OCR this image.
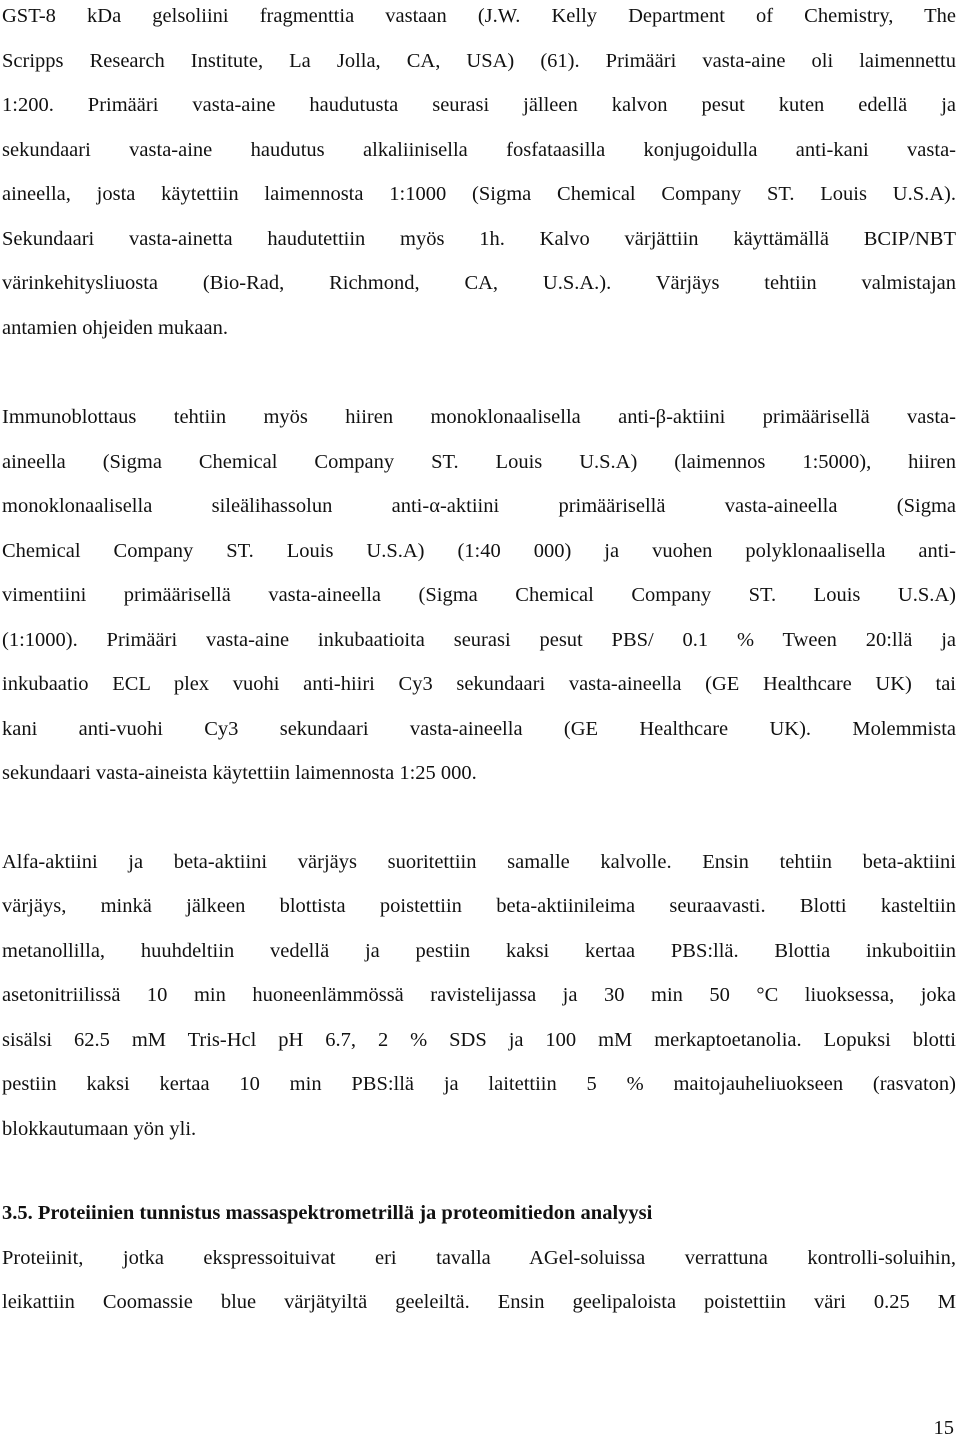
GST-8 kDa gelsoliini fragmenttia vastaan (J.W. Kelly Department of Chemistry, The
Scripps Research Institute, La Jolla, CA, USA) (61). Primääri vasta-aine oli laimennettu
1:200. Primääri vasta-aine haudutusta seurasi jälleen kalvon pesut kuten edellä ja
sekundaari vasta-aine haudutus alkaliinisella fosfataasilla konjugoidulla anti-kani vasta-
aineella, josta käytettiin laimennosta 1:1000 (Sigma Chemical Company ST. Louis U.S.A).
Sekundaari vasta-ainetta haudutettiin myös 1h. Kalvo värjättiin käyttämällä BCIP/NBT
värinkehitysliuosta (Bio-Rad, Richmond, CA, U.S.A.). Värjäys tehtiin valmistajan
antamien ohjeiden mukaan.
Immunoblottaus tehtiin myös hiiren monoklonaalisella anti-β-aktiini primäärisellä vasta-
aineella (Sigma Chemical Company ST. Louis U.S.A) (laimennos 1:5000), hiiren
monoklonaalisella sileälihassolun anti-α-aktiini primäärisellä vasta-aineella (Sigma
Chemical Company ST. Louis U.S.A) (1:40 000) ja vuohen polyklonaalisella anti-
vimentiini primäärisellä vasta-aineella (Sigma Chemical Company ST. Louis U.S.A)
(1:1000). Primääri vasta-aine inkubaatioita seurasi pesut PBS/ 0.1 % Tween 20:llä ja
inkubaatio ECL plex vuohi anti-hiiri Cy3 sekundaari vasta-aineella (GE Healthcare UK) tai
kani anti-vuohi Cy3 sekundaari vasta-aineella (GE Healthcare UK). Molemmista
sekundaari vasta-aineista käytettiin laimennosta 1:25 000.
Alfa-aktiini ja beta-aktiini värjäys suoritettiin samalle kalvolle. Ensin tehtiin beta-aktiini
värjäys, minkä jälkeen blottista poistettiin beta-aktiinileima seuraavasti. Blotti kasteltiin
metanollilla, huuhdeltiin vedellä ja pestiin kaksi kertaa PBS:llä. Blottia inkuboitiin
asetonitriilissä 10 min huoneenlämmössä ravistelijassa ja 30 min 50 °C liuoksessa, joka
sisälsi 62.5 mM Tris-Hcl pH 6.7, 2 % SDS ja 100 mM merkaptoetanolia. Lopuksi blotti
pestiin kaksi kertaa 10 min PBS:llä ja laitettiin 5 % maitojauheliuokseen (rasvaton)
blokkautumaan yön yli.
3.5. Proteiinien tunnistus massaspektrometrillä ja proteomitiedon analyysi
Proteiinit, jotka ekspressoituivat eri tavalla AGel-soluissa verrattuna kontrolli-soluihin,
leikattiin Coomassie blue värjätyiltä geeleiltä. Ensin geelipaloista poistettiin väri 0.25 M
15
